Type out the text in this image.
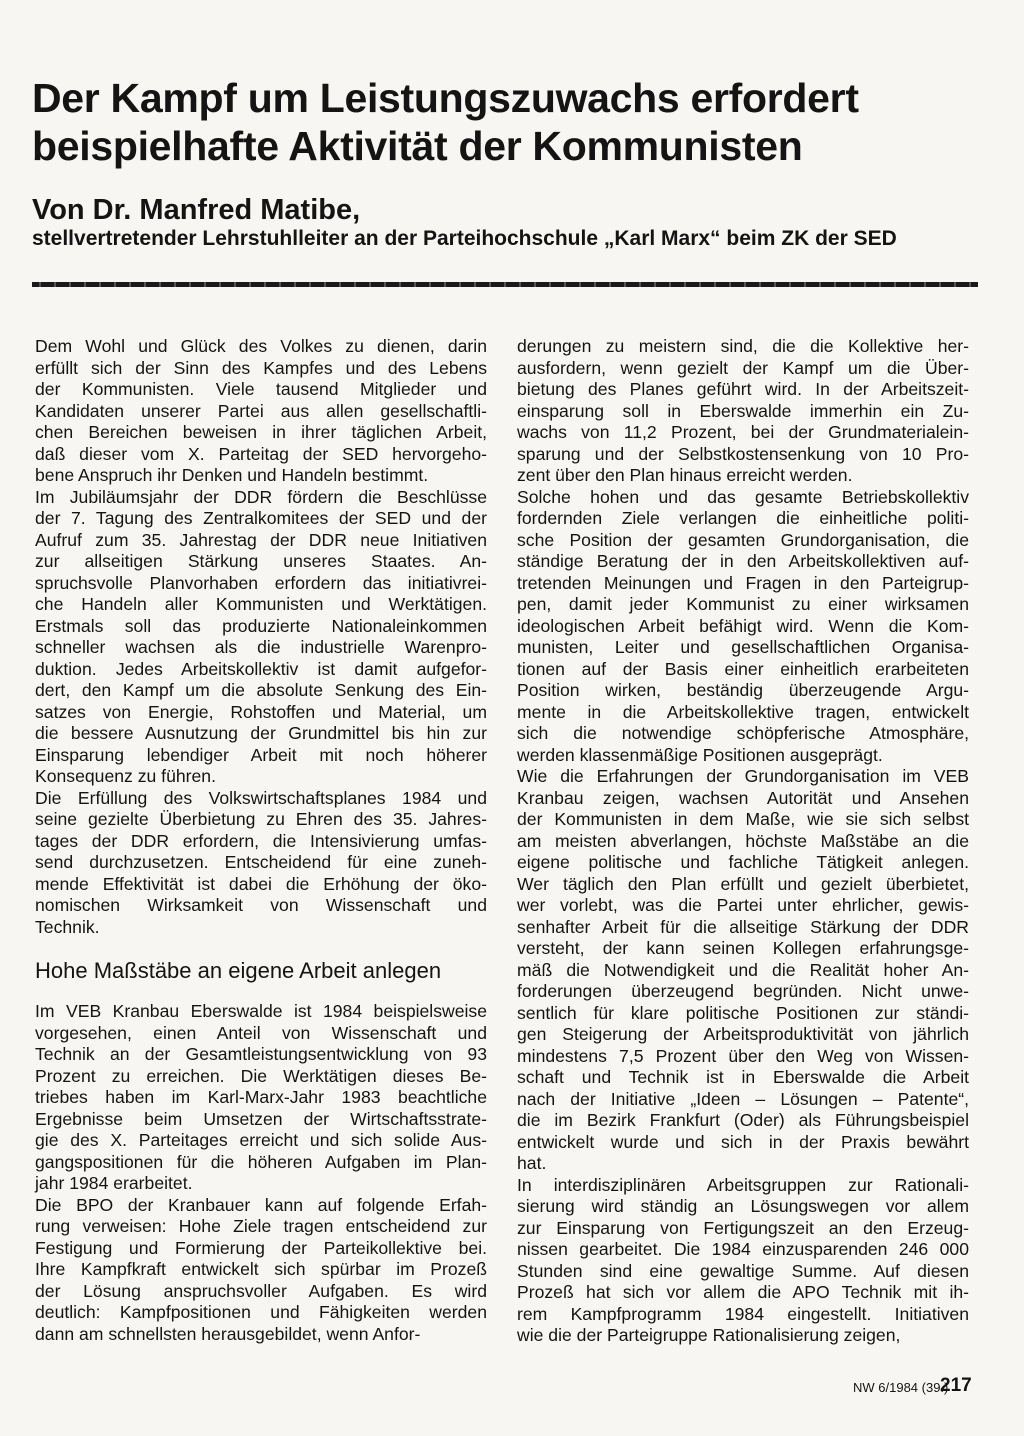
Der Kampf um Leistungszuwachs erfordert
beispielhafte Aktivität der Kommunisten

Von Dr. Manfred Matibe,

stellvertretender Lehrstuhlleiter an der Parteihochschule „Karl Marx“ beim ZK der SED

Dem Wohl und Glück des Volkes zu dienen, darin
erfüllt sich der Sinn des Kampfes und des Lebens
der Kommunisten. Viele tausend Mitglieder und
Kandidaten unserer Partei aus allen gesellschaftli-
chen Bereichen beweisen in ihrer täglichen Arbeit,
daß dieser vom X. Parteitag der SED hervorgeho-
bene Anspruch ihr Denken und Handeln bestimmt.

Im Jubiläumsjahr der DDR fördern die Beschlüsse
der 7. Tagung des Zentralkomitees der SED und der
Aufruf zum 35. Jahrestag der DDR neue Initiativen
zur allseitigen Stärkung unseres Staates. An-
spruchsvolle Planvorhaben erfordern das initiativrei-
che Handeln aller Kommunisten und Werktätigen.
Erstmals soll das produzierte Nationaleinkommen
schneller wachsen als die industrielle Warenpro-
duktion. Jedes Arbeitskollektiv ist damit aufgefor-
dert, den Kampf um die absolute Senkung des Ein-
satzes von Energie, Rohstoffen und Material, um
die bessere Ausnutzung der Grundmittel bis hin zur
Einsparung lebendiger Arbeit mit noch höherer
Konsequenz zu führen.

Die Erfüllung des Volkswirtschaftsplanes 1984 und
seine gezielte Überbietung zu Ehren des 35. Jahres-
tages der DDR erfordern, die Intensivierung umfas-
send durchzusetzen. Entscheidend für eine zuneh-
mende Effektivität ist dabei die Erhöhung der öko-
nomischen Wirksamkeit von Wissenschaft und
Technik.

Hohe Maßstäbe an eigene Arbeit anlegen

Im VEB Kranbau Eberswalde ist 1984 beispielsweise
vorgesehen, einen Anteil von Wissenschaft und
Technik an der Gesamtleistungsentwicklung von 93
Prozent zu erreichen. Die Werktätigen dieses Be-
triebes haben im Karl-Marx-Jahr 1983 beachtliche
Ergebnisse beim Umsetzen der Wirtschaftsstrate-
gie des X. Parteitages erreicht und sich solide Aus-
gangspositionen für die höheren Aufgaben im Plan-
jahr 1984 erarbeitet.

Die BPO der Kranbauer kann auf folgende Erfah-
rung verweisen: Hohe Ziele tragen entscheidend zur
Festigung und Formierung der Parteikollektive bei.
Ihre Kampfkraft entwickelt sich spürbar im Prozeß
der Lösung anspruchsvoller Aufgaben. Es wird
deutlich: Kampfpositionen und Fähigkeiten werden
dann am schnellsten herausgebildet, wenn Anfor-

derungen zu meistern sind, die die Kollektive her-
ausfordern, wenn gezielt der Kampf um die Über-
bietung des Planes geführt wird. In der Arbeitszeit-
einsparung soll in Eberswalde immerhin ein Zu-
wachs von 11,2 Prozent, bei der Grundmaterialein-
sparung und der Selbstkostensenkung von 10 Pro-
zent über den Plan hinaus erreicht werden.

Solche hohen und das gesamte Betriebskollektiv
fordernden Ziele verlangen die einheitliche politi-
sche Position der gesamten Grundorganisation, die
ständige Beratung der in den Arbeitskollektiven auf-
tretenden Meinungen und Fragen in den Parteigrup-
pen, damit jeder Kommunist zu einer wirksamen
ideologischen Arbeit befähigt wird. Wenn die Kom-
munisten, Leiter und gesellschaftlichen Organisa-
tionen auf der Basis einer einheitlich erarbeiteten
Position wirken, beständig überzeugende Argu-
mente in die Arbeitskollektive tragen, entwickelt
sich die notwendige schöpferische Atmosphäre,
werden klassenmäßige Positionen ausgeprägt.

Wie die Erfahrungen der Grundorganisation im VEB
Kranbau zeigen, wachsen Autorität und Ansehen
der Kommunisten in dem Maße, wie sie sich selbst
am meisten abverlangen, höchste Maßstäbe an die
eigene politische und fachliche Tätigkeit anlegen.
Wer täglich den Plan erfüllt und gezielt überbietet,
wer vorlebt, was die Partei unter ehrlicher, gewis-
senhafter Arbeit für die allseitige Stärkung der DDR
versteht, der kann seinen Kollegen erfahrungsge-
mäß die Notwendigkeit und die Realität hoher An-
forderungen überzeugend begründen. Nicht unwe-
sentlich für klare politische Positionen zur ständi-
gen Steigerung der Arbeitsproduktivität von jährlich
mindestens 7,5 Prozent über den Weg von Wissen-
schaft und Technik ist in Eberswalde die Arbeit
nach der Initiative „Ideen – Lösungen – Patente“,
die im Bezirk Frankfurt (Oder) als Führungsbeispiel
entwickelt wurde und sich in der Praxis bewährt
hat.

In interdisziplinären Arbeitsgruppen zur Rationali-
sierung wird ständig an Lösungswegen vor allem
zur Einsparung von Fertigungszeit an den Erzeug-
nissen gearbeitet. Die 1984 einzusparenden 246 000
Stunden sind eine gewaltige Summe. Auf diesen
Prozeß hat sich vor allem die APO Technik mit ih-
rem Kampfprogramm 1984 eingestellt. Initiativen
wie die der Parteigruppe Rationalisierung zeigen,

NW 6/1984 (39.)
217
